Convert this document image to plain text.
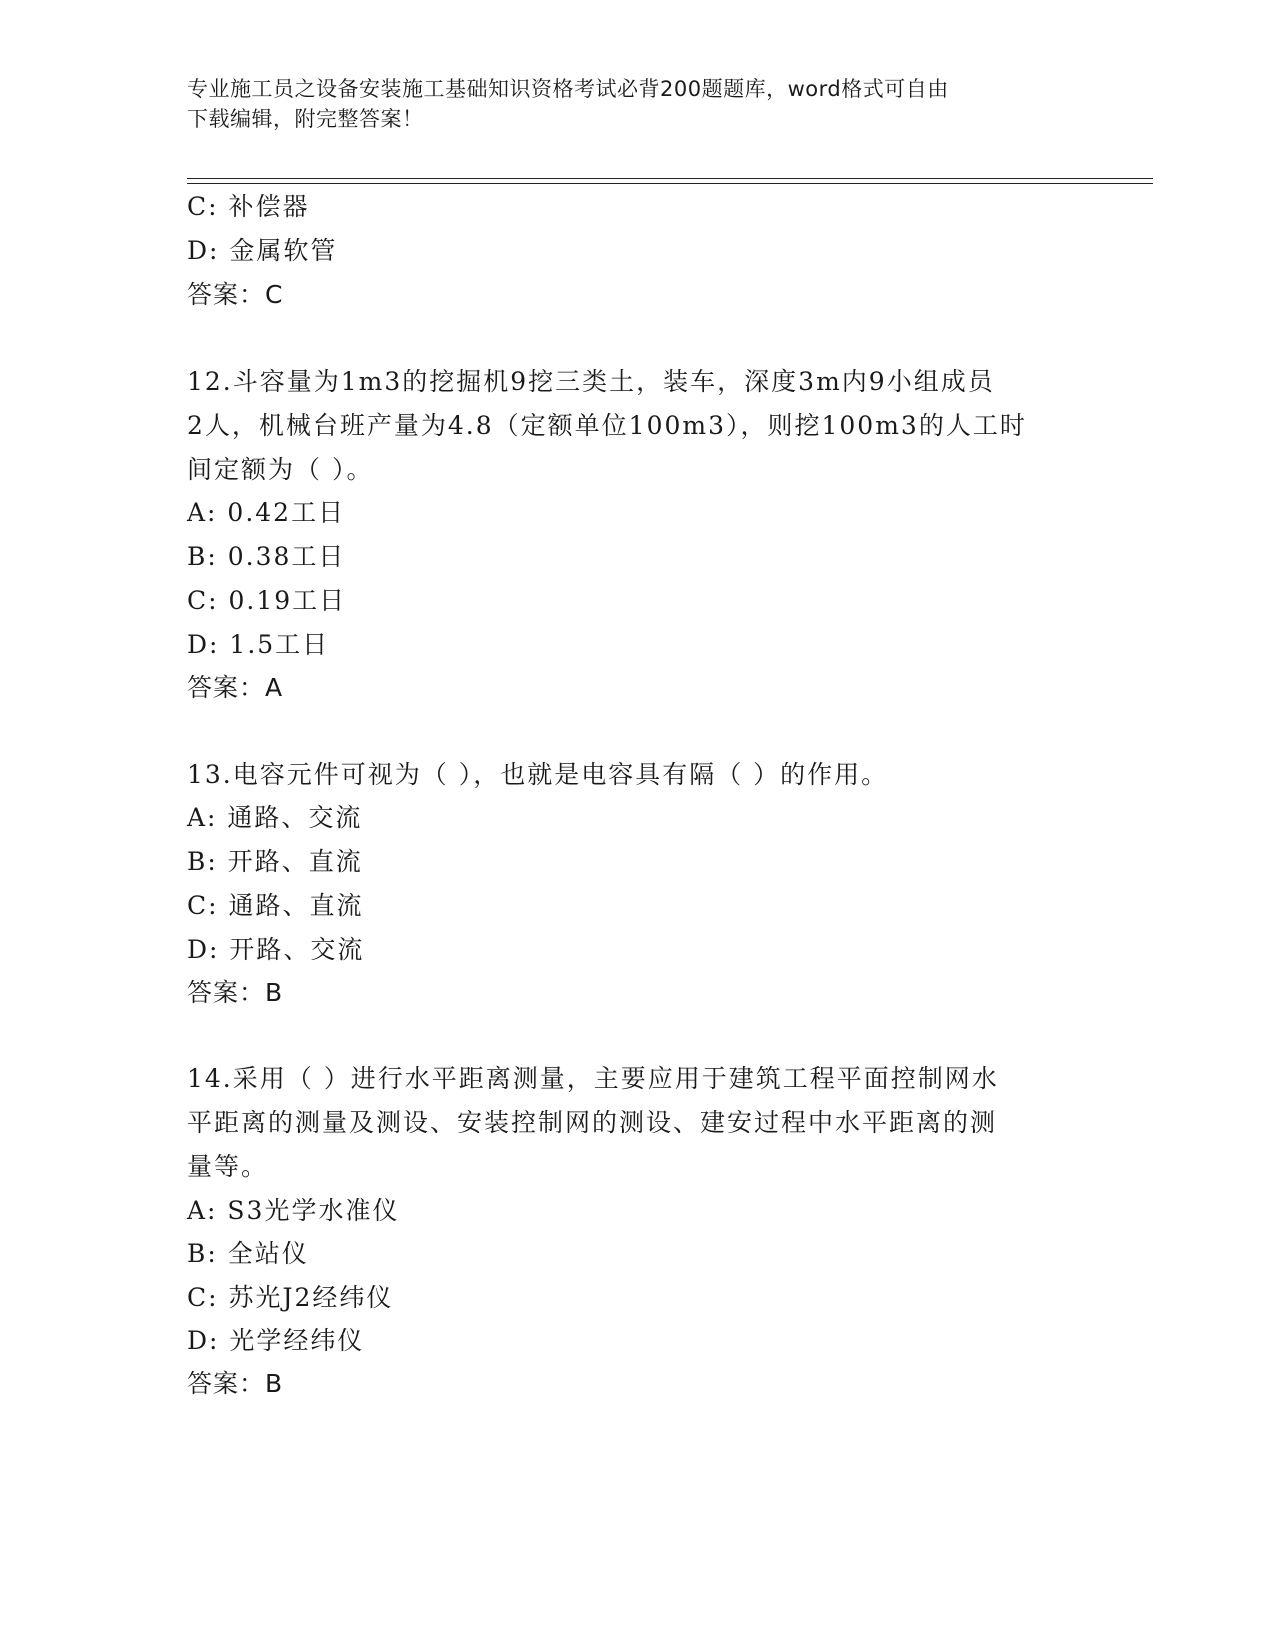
专业施工员之设备安装施工基础知识资格考试必背200题题库，word格式可自由
下载编辑，附完整答案！
C: 补偿器
D: 金属软管
答案：C
12.斗容量为1m3的挖掘机9挖三类土，装车，深度3m内9小组成员
2人，机械台班产量为4.8（定额单位100m3），则挖100m3的人工时
间定额为（ ）。
A: 0.42工日
B: 0.38工日
C: 0.19工日
D: 1.5工日
答案：A
13.电容元件可视为（ ），也就是电容具有隔（ ）的作用。
A: 通路、交流
B: 开路、直流
C: 通路、直流
D: 开路、交流
答案：B
14.采用（ ）进行水平距离测量，主要应用于建筑工程平面控制网水
平距离的测量及测设、安装控制网的测设、建安过程中水平距离的测
量等。
A: S3光学水准仪
B: 全站仪
C: 苏光J2经纬仪
D: 光学经纬仪
答案：B
